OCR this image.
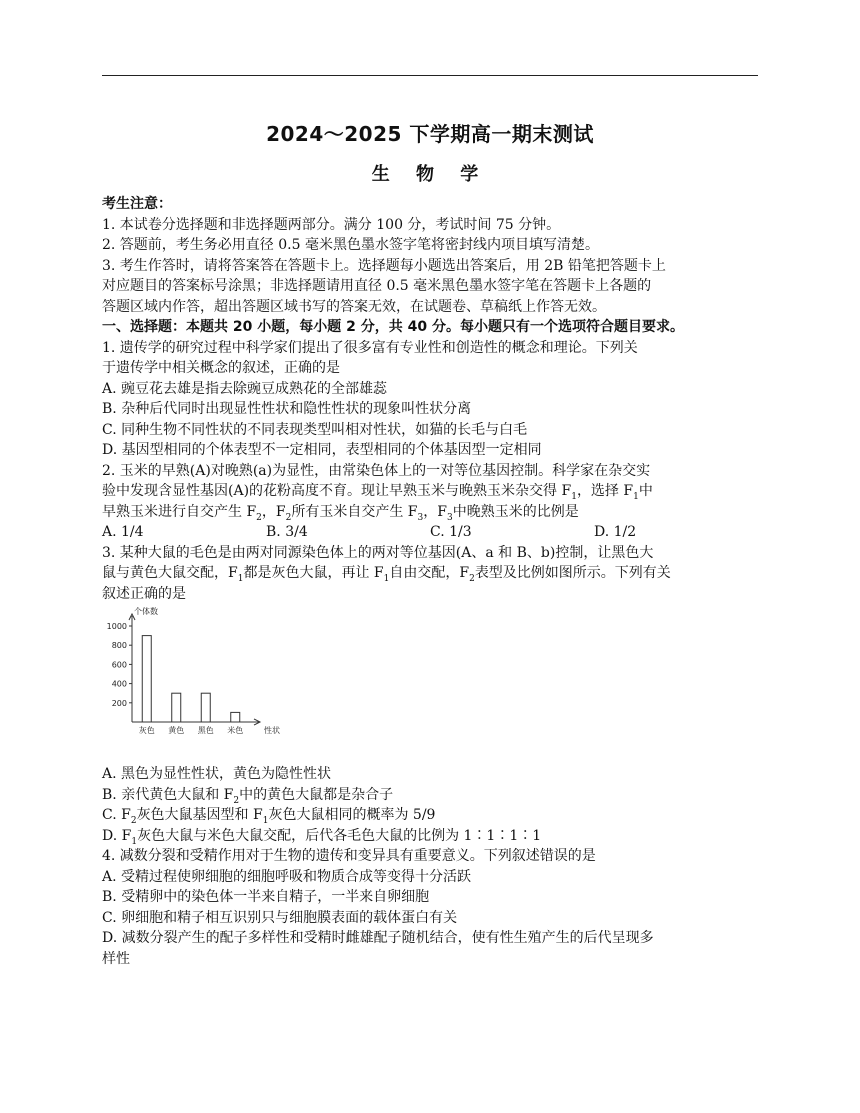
2024～2025 下学期高一期末测试
生 物 学
考生注意：
1. 本试卷分选择题和非选择题两部分。满分 100 分，考试时间 75 分钟。
2. 答题前，考生务必用直径 0.5 毫米黑色墨水签字笔将密封线内项目填写清楚。
3. 考生作答时，请将答案答在答题卡上。选择题每小题选出答案后，用 2B 铅笔把答题卡上
对应题目的答案标号涂黑；非选择题请用直径 0.5 毫米黑色墨水签字笔在答题卡上各题的
答题区域内作答，超出答题区域书写的答案无效，在试题卷、草稿纸上作答无效。
一、选择题：本题共 20 小题，每小题 2 分，共 40 分。每小题只有一个选项符合题目要求。
1. 遗传学的研究过程中科学家们提出了很多富有专业性和创造性的概念和理论。下列关
于遗传学中相关概念的叙述，正确的是
A. 豌豆花去雄是指去除豌豆成熟花的全部雄蕊
B. 杂种后代同时出现显性性状和隐性性状的现象叫性状分离
C. 同种生物不同性状的不同表现类型叫相对性状，如猫的长毛与白毛
D. 基因型相同的个体表型不一定相同，表型相同的个体基因型一定相同
2. 玉米的早熟(A)对晚熟(a)为显性，由常染色体上的一对等位基因控制。科学家在杂交实
验中发现含显性基因(A)的花粉高度不育。现让早熟玉米与晚熟玉米杂交得 $F_1$，选择 $F_1$中
早熟玉米进行自交产生 $F_2$，$F_2$所有玉米自交产生 $F_3$，$F_3$中晚熟玉米的比例是
A. 1/4	B. 3/4	C. 1/3	D. 1/2
3. 某种大鼠的毛色是由两对同源染色体上的两对等位基因(A、a 和 B、b)控制，让黑色大
鼠与黄色大鼠交配，$F_1$都是灰色大鼠，再让 $F_1$自由交配，$F_2$表型及比例如图所示。下列有关
叙述正确的是
个体数
200
400
600
800
1000
灰色 黄色 黑色 米色	性状
A. 黑色为显性性状，黄色为隐性性状
B. 亲代黄色大鼠和 $F_2$中的黄色大鼠都是杂合子
C. $F_2$灰色大鼠基因型和 $F_1$灰色大鼠相同的概率为 5/9
D. $F_1$灰色大鼠与米色大鼠交配，后代各毛色大鼠的比例为 1∶1∶1∶1
4. 减数分裂和受精作用对于生物的遗传和变异具有重要意义。下列叙述错误的是
A. 受精过程使卵细胞的细胞呼吸和物质合成等变得十分活跃
B. 受精卵中的染色体一半来自精子，一半来自卵细胞
C. 卵细胞和精子相互识别只与细胞膜表面的载体蛋白有关
D. 减数分裂产生的配子多样性和受精时雌雄配子随机结合，使有性生殖产生的后代呈现多
样性
